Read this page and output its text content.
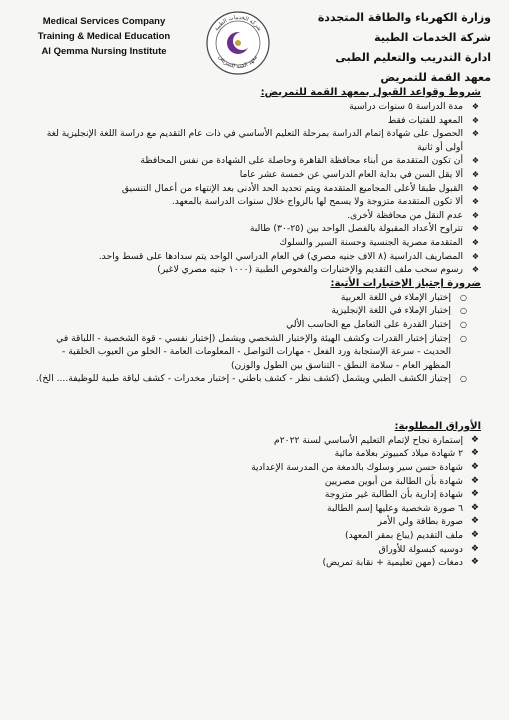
Medical Services Company
Training & Medical Education
Al Qemma Nursing Institute
شركة الخدمات الطبية
معهد القمة للتمريض
وزارة الكهرباء والطاقة المتجددة
شركة الخدمات الطبية
ادارة التدريب والتعليم الطبى
معهد القمة للتمريض

شروط وقواعد القبول بمعهد القمة للتمريض:

❖
مدة الدراسة ٥ سنوات دراسية
❖
المعهد للفتيات فقط
❖
الحصول على شهادة إتمام الدراسة بمرحلة التعليم الأساسي في ذات عام التقديم مع دراسة اللغة الإنجليزية لغة أولى أو ثانية
❖
أن تكون المتقدمة من أبناء محافظة القاهرة وحاصلة على الشهادة من نفس المحافظة
❖
ألا يقل السن في بداية العام الدراسي عن خمسة عشر عاما
❖
القبول طبقا لأعلى المجاميع المتقدمة ويتم تحديد الحد الأدنى بعد الإنتهاء من أعمال التنسيق
❖
ألا تكون المتقدمة متزوجة ولا يسمح لها بالزواج خلال سنوات الدراسة بالمعهد.
❖
عدم النقل من محافظة لأخرى.
❖
تتراوح الأعداد المقبولة بالفصل الواحد بين (٢٥-٣٠) طالبة
❖
المتقدمة مصرية الجنسية وحسنة السير والسلوك
❖
المصاريف الدراسية (٨ الاف جنيه مصري) في العام الدراسي الواحد يتم سدادها على قسط واحد.
❖
رسوم سحب ملف التقديم والإختبارات والفحوص الطبية (١٠٠٠ جنيه مصري لاغير)

ضرورة إجتياز الإختبارات الأتية:

○
إختبار الإملاء في اللغة العربية
○
إختبار الإملاء في اللغة الإنجليزية
○
إختبار القدرة على التعامل مع الحاسب الألي
○
إجتياز إختبار القدرات وكشف الهيئة والإختبار الشخصي ويشمل (إختبار نفسي - قوة الشخصية - اللباقة في الحديث - سرعة الإستجابة ورد الفعل - مهارات التواصل - المعلومات العامة - الخلو من العيوب الخلقية - المظهر العام - سلامة النطق - التناسق بين الطول والوزن)
○
إجتياز الكشف الطبي ويشمل (كشف نظر - كشف باطني - إختبار مخدرات - كشف لياقة طبية للوظيفة.... الخ).

الأوراق المطلوبة:

❖
إستمارة نجاح لإتمام التعليم الأساسي لسنة ٢٠٢٢م
❖
٢ شهادة ميلاد كمبيوتر بعلامة مائية
❖
شهادة حسن سير وسلوك بالدمغة من المدرسة الإعدادية
❖
شهادة بأن الطالبة من أبوين مصريين
❖
شهادة إدارية بأن الطالبة غير متزوجة
❖
٦ صورة شخصية وعليها إسم الطالبة
❖
صورة بطاقة ولي الأمر
❖
ملف التقديم (يباع بمقر المعهد)
❖
دوسيه كبسولة للأوراق
❖
دمغات (مهن تعليمية + نقابة تمريض)
